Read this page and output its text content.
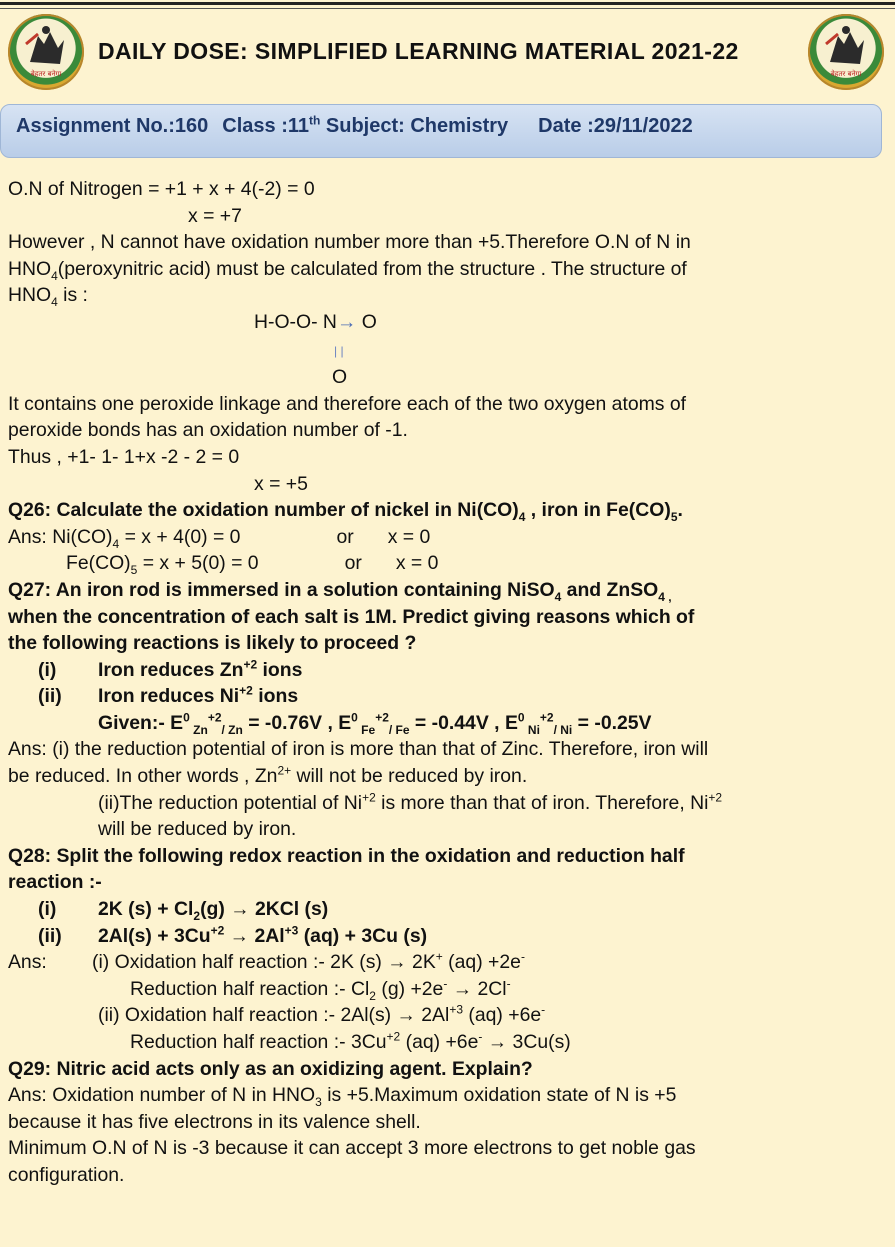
बेहतर बनेगा	बेहतर बनेगा
DAILY DOSE: SIMPLIFIED LEARNING MATERIAL 2021-22
Assignment No.:160 Class :11th Subject: Chemistry Date :29/11/2022

O.N of Nitrogen = +1 + x + 4(-2) = 0

x = +7

However , N cannot have oxidation number more than +5.Therefore O.N of N in

$HNO_4(peroxynitric$ acid) must be calculated from the structure . The structure of

$HNO_4$ is :

H-O-O- N→ O

| |

O

It contains one peroxide linkage and therefore each of the two oxygen atoms of

peroxide bonds has an oxidation number of -1.

Thus , +1- 1- 1+x -2 - 2 = 0

x = +5

Q26: Calculate the oxidation number of nickel in $Ni(CO)_4$ , iron in $Fe(CO)_5$.

Ans: $Ni(CO)_4 = x + 4(0) = 0$	or x = 0

$Fe(CO)_5 = x + 5(0) = 0$	or x = 0

Q27: An iron rod is immersed in a solution containing NiSO$_4$ and ZnSO$_{4 ,}$

when the concentration of each salt is 1M. Predict giving reasons which of

the following reactions is likely to proceed ?

(i) Iron reduces $Zn^{+2}$ ions

(ii) Iron reduces $Ni^{+2}$ ions

Given:- $E^0$ $_{Zn}^{+2}_{/ Zn}$ = -0.76V , $E^0$ $_{Fe}^{+2}_{/ Fe}$ = -0.44V , $E^0$ $_{Ni}^{+2}_{/ Ni}$ = -0.25V

Ans: (i) the reduction potential of iron is more than that of Zinc. Therefore, iron will

be reduced. In other words , $Zn^{2+}$ will not be reduced by iron.

(ii)The reduction potential of $Ni^{+2}$ is more than that of iron. Therefore, $Ni^{+2}$

will be reduced by iron.

Q28: Split the following redox reaction in the oxidation and reduction half

reaction :-

(i) 2K $(s) + Cl_2(g) \to 2KCl$ (s)

(ii) $2Al(s) + 3Cu^{+2} \to 2Al^{+3}$ (aq) + 3Cu (s)

Ans: (i) Oxidation half reaction :- 2K (s) → 2K+ (aq) +2e-

Reduction half reaction :- $Cl_2$ (g) +2e- → 2Cl-

(ii) Oxidation half reaction :- $2Al(s) \to 2Al^{+3}$ (aq) +6e-

Reduction half reaction :- $3Cu^{+2}$ (aq) +6e- → 3Cu(s)

Q29: Nitric acid acts only as an oxidizing agent. Explain?

Ans: Oxidation number of N in $HNO_3$ is +5.Maximum oxidation state of N is +5

because it has five electrons in its valence shell.

Minimum O.N of N is -3 because it can accept 3 more electrons to get noble gas

configuration.
